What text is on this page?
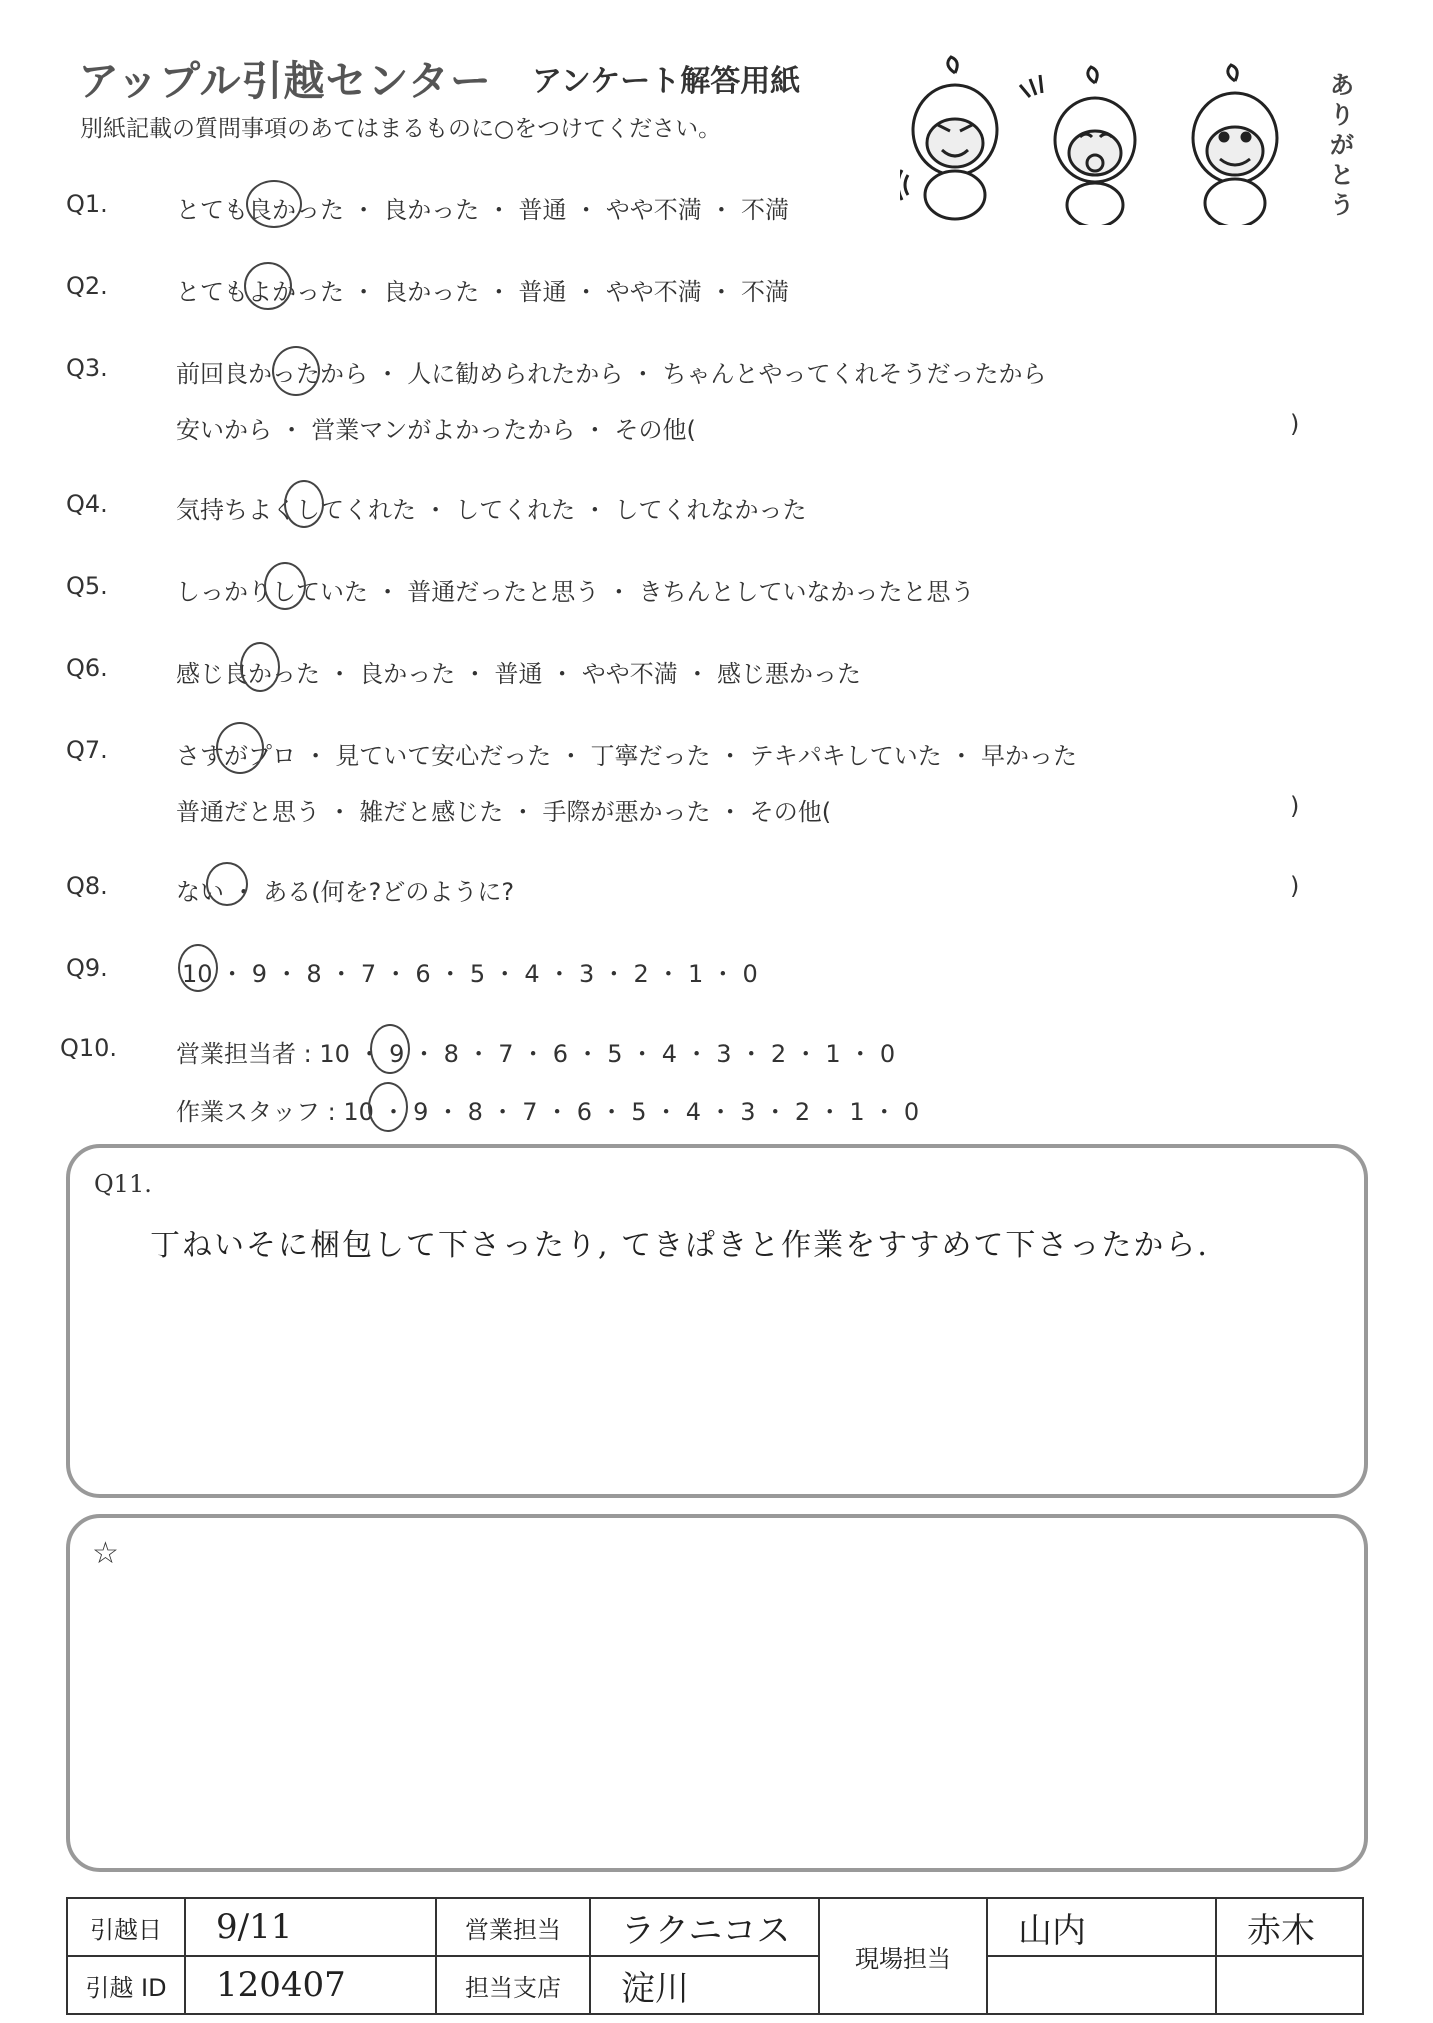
アップル引越センター アンケート解答用紙
別紙記載の質問事項のあてはまるものに○をつけてください。
ありがとう
Q1.	とても良かった ・ 良かった ・ 普通 ・ やや不満 ・ 不満
Q2.	とてもよかった ・ 良かった ・ 普通 ・ やや不満 ・ 不満
Q3.	前回良かったから ・ 人に勧められたから ・ ちゃんとやってくれそうだったから
安いから ・ 営業マンがよかったから ・ その他(	)
Q4.	気持ちよくしてくれた ・ してくれた ・ してくれなかった
Q5.	しっかりしていた ・ 普通だったと思う ・ きちんとしていなかったと思う
Q6.	感じ良かった ・ 良かった ・ 普通 ・ やや不満 ・ 感じ悪かった
Q7.	さすがプロ ・ 見ていて安心だった ・ 丁寧だった ・ テキパキしていた ・ 早かった
普通だと思う ・ 雑だと感じた ・ 手際が悪かった ・ その他(	)
Q8.	ない ・ ある(何を?どのように?	)
Q9.	10 ・ 9 ・ 8 ・ 7 ・ 6 ・ 5 ・ 4 ・ 3 ・ 2 ・ 1 ・ 0
Q10.	営業担当者 : 10 ・ 9 ・ 8 ・ 7 ・ 6 ・ 5 ・ 4 ・ 3 ・ 2 ・ 1 ・ 0
作業スタッフ : 10 ・ 9 ・ 8 ・ 7 ・ 6 ・ 5 ・ 4 ・ 3 ・ 2 ・ 1 ・ 0
Q11.
丁ねいそに梱包して下さったり, てきぱきと作業をすすめて下さったから.
☆
引越日	9/11	営業担当	ラクニコス	現場担当	山内	赤木
引越 ID	120407	担当支店	淀川			
